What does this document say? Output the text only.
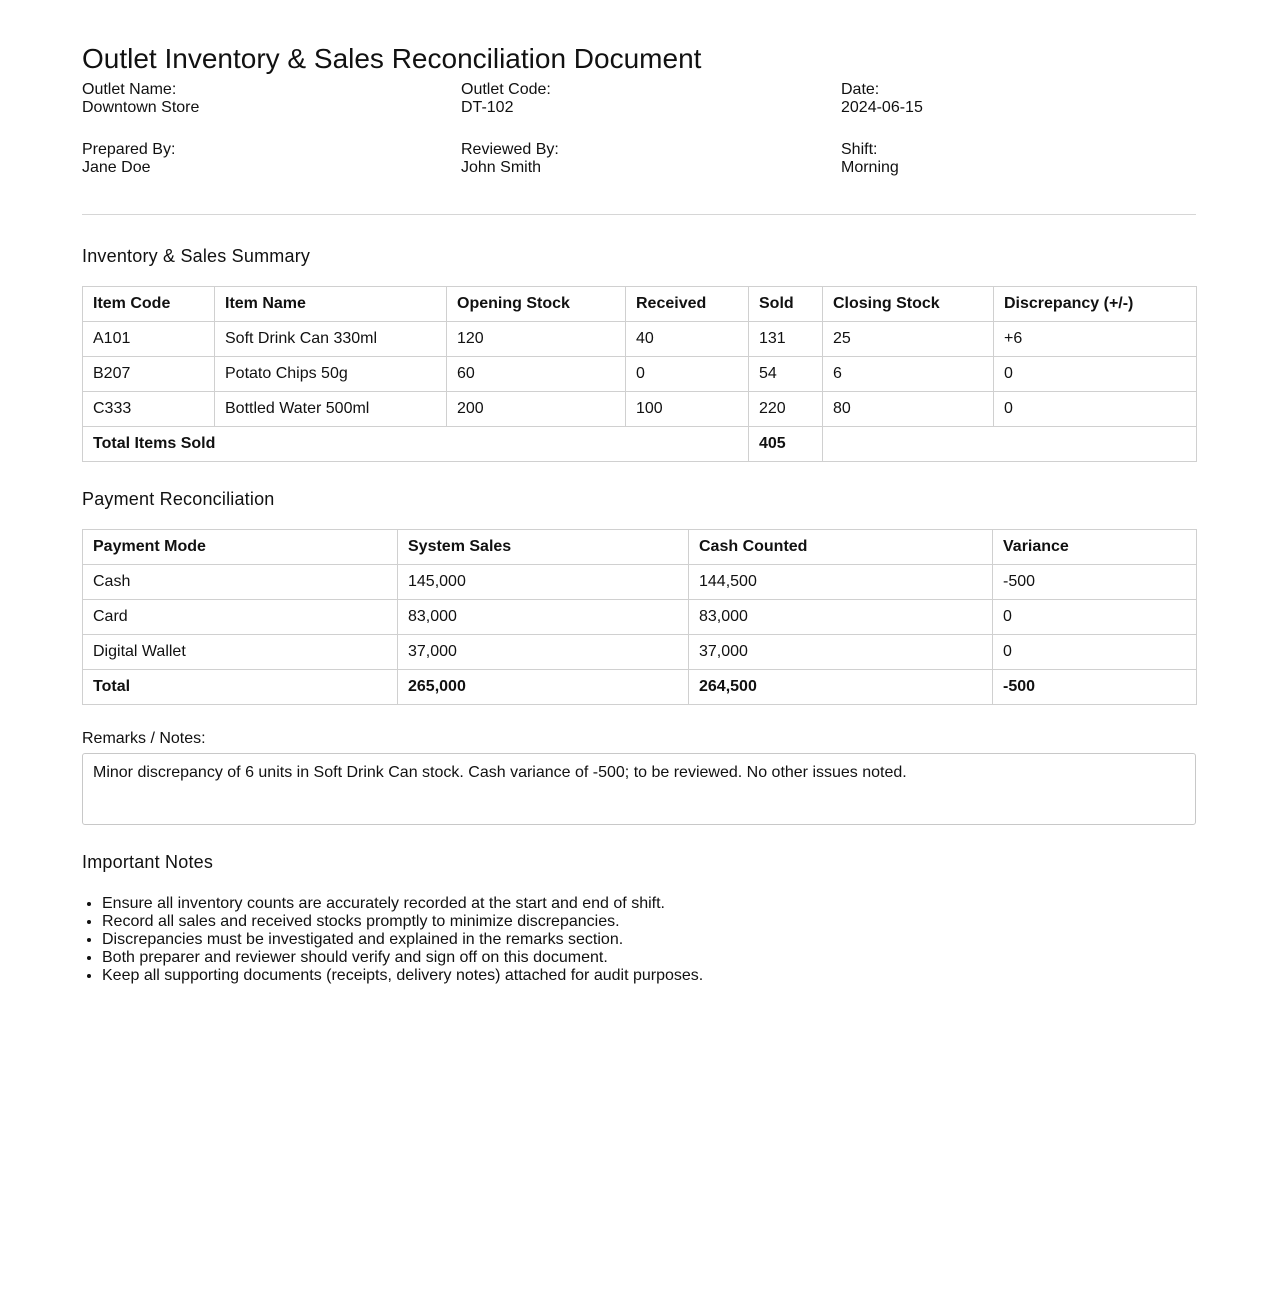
Outlet Inventory & Sales Reconciliation Document
Outlet Name:
Downtown Store
Outlet Code:
DT-102
Date:
2024-06-15
Prepared By:
Jane Doe
Reviewed By:
John Smith
Shift:
Morning
Inventory & Sales Summary
Item Code	Item Name	Opening Stock	Received	Sold	Closing Stock	Discrepancy (+/-)
A101	Soft Drink Can 330ml	120	40	131	25	+6
B207	Potato Chips 50g	60	0	54	6	0
C333	Bottled Water 500ml	200	100	220	80	0
Total Items Sold				405		
Payment Reconciliation
Payment Mode	System Sales	Cash Counted	Variance
Cash	145,000	144,500	-500
Card	83,000	83,000	0
Digital Wallet	37,000	37,000	0
Total	265,000	264,500	-500
Remarks / Notes:
Minor discrepancy of 6 units in Soft Drink Can stock. Cash variance of -500; to be reviewed. No other issues noted.
Important Notes
• Ensure all inventory counts are accurately recorded at the start and end of shift.
• Record all sales and received stocks promptly to minimize discrepancies.
• Discrepancies must be investigated and explained in the remarks section.
• Both preparer and reviewer should verify and sign off on this document.
• Keep all supporting documents (receipts, delivery notes) attached for audit purposes.
